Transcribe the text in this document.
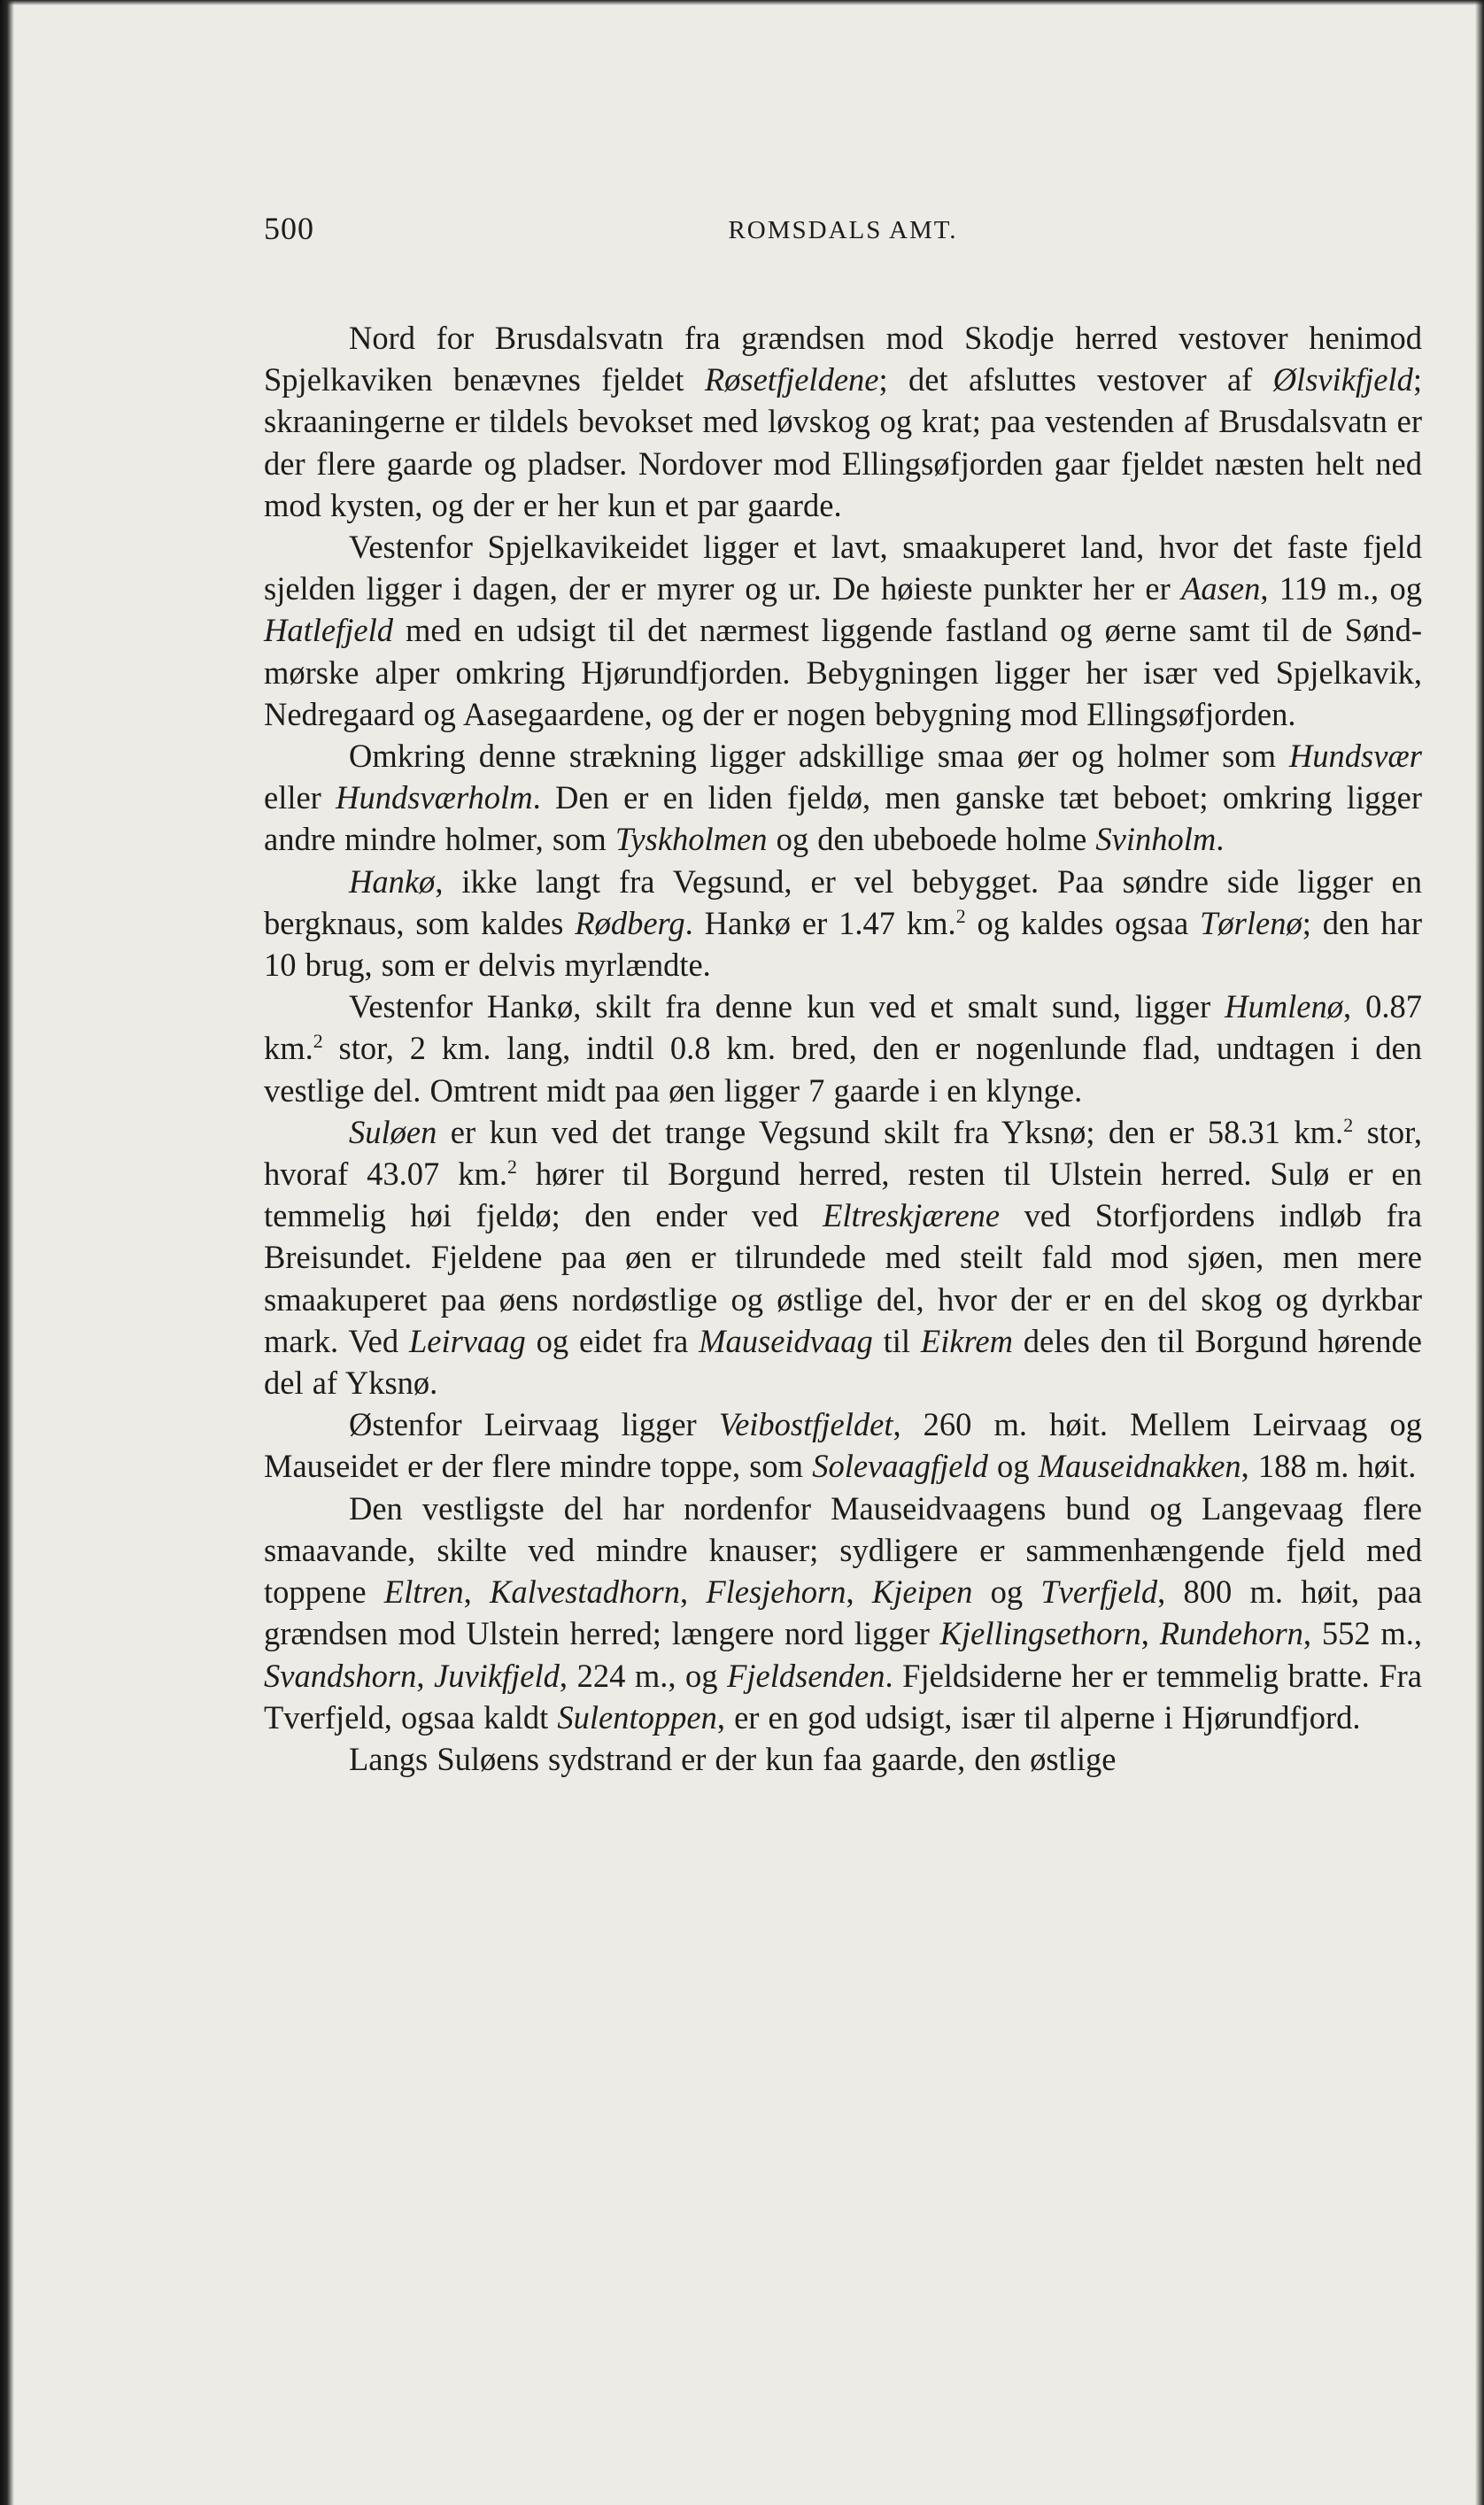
500	ROMSDALS AMT.

Nord for Brusdalsvatn fra grændsen mod Skodje herred vestover henimod Spjelkaviken benævnes fjeldet Røsetfjeldene; det afsluttes vestover af Ølsvikfjeld; skraaningerne er tildels bevokset med løvskog og krat; paa vestenden af Brusdalsvatn er der flere gaarde og pladser. Nordover mod Ellingsøfjorden gaar fjeldet næsten helt ned mod kysten, og der er her kun et par gaarde.

Vestenfor Spjelkavikeidet ligger et lavt, smaakuperet land, hvor det faste fjeld sjelden ligger i dagen, der er myrer og ur. De høieste punkter her er Aasen, 119 m., og Hatlefjeld med en udsigt til det nærmest liggende fastland og øerne samt til de Søndmørske alper omkring Hjørundfjorden. Bebygningen ligger her især ved Spjelkavik, Nedregaard og Aasegaardene, og der er nogen bebygning mod Ellingsøfjorden.

Omkring denne strækning ligger adskillige smaa øer og holmer som Hundsvær eller Hundsværholm. Den er en liden fjeldø, men ganske tæt beboet; omkring ligger andre mindre holmer, som Tyskholmen og den ubeboede holme Svinholm.

Hankø, ikke langt fra Vegsund, er vel bebygget. Paa søndre side ligger en bergknaus, som kaldes Rødberg. Hankø er 1.47 km.$^2$ og kaldes ogsaa Tørlenø; den har 10 brug, som er delvis myrlændte.

Vestenfor Hankø, skilt fra denne kun ved et smalt sund, ligger Humlenø, 0.87 km.$^2$ stor, 2 km. lang, indtil 0.8 km. bred, den er nogenlunde flad, undtagen i den vestlige del. Omtrent midt paa øen ligger 7 gaarde i en klynge.

Suløen er kun ved det trange Vegsund skilt fra Yksnø; den er 58.31 km.$^2$ stor, hvoraf 43.07 km.$^2$ hører til Borgund herred, resten til Ulstein herred. Sulø er en temmelig høi fjeldø; den ender ved Eltreskjærene ved Storfjordens indløb fra Breisundet. Fjeldene paa øen er tilrundede med steilt fald mod sjøen, men mere smaakuperet paa øens nordøstlige og østlige del, hvor der er en del skog og dyrkbar mark. Ved Leirvaag og eidet fra Mauseidvaag til Eikrem deles den til Borgund hørende del af Yksnø.

Østenfor Leirvaag ligger Veibostfjeldet, 260 m. høit. Mellem Leirvaag og Mauseidet er der flere mindre toppe, som Solevaagfjeld og Mauseidnakken, 188 m. høit.

Den vestligste del har nordenfor Mauseidvaagens bund og Langevaag flere smaavande, skilte ved mindre knauser; sydligere er sammenhængende fjeld med toppene Eltren, Kalvestadhorn, Flesjehorn, Kjeipen og Tverfjeld, 800 m. høit, paa grændsen mod Ulstein herred; længere nord ligger Kjellingsethorn, Rundehorn, 552 m., Svandshorn, Juvikfjeld, 224 m., og Fjeldsenden. Fjeldsiderne her er temmelig bratte. Fra Tverfjeld, ogsaa kaldt Sulentoppen, er en god udsigt, især til alperne i Hjørundfjord.

Langs Suløens sydstrand er der kun faa gaarde, den østlige
